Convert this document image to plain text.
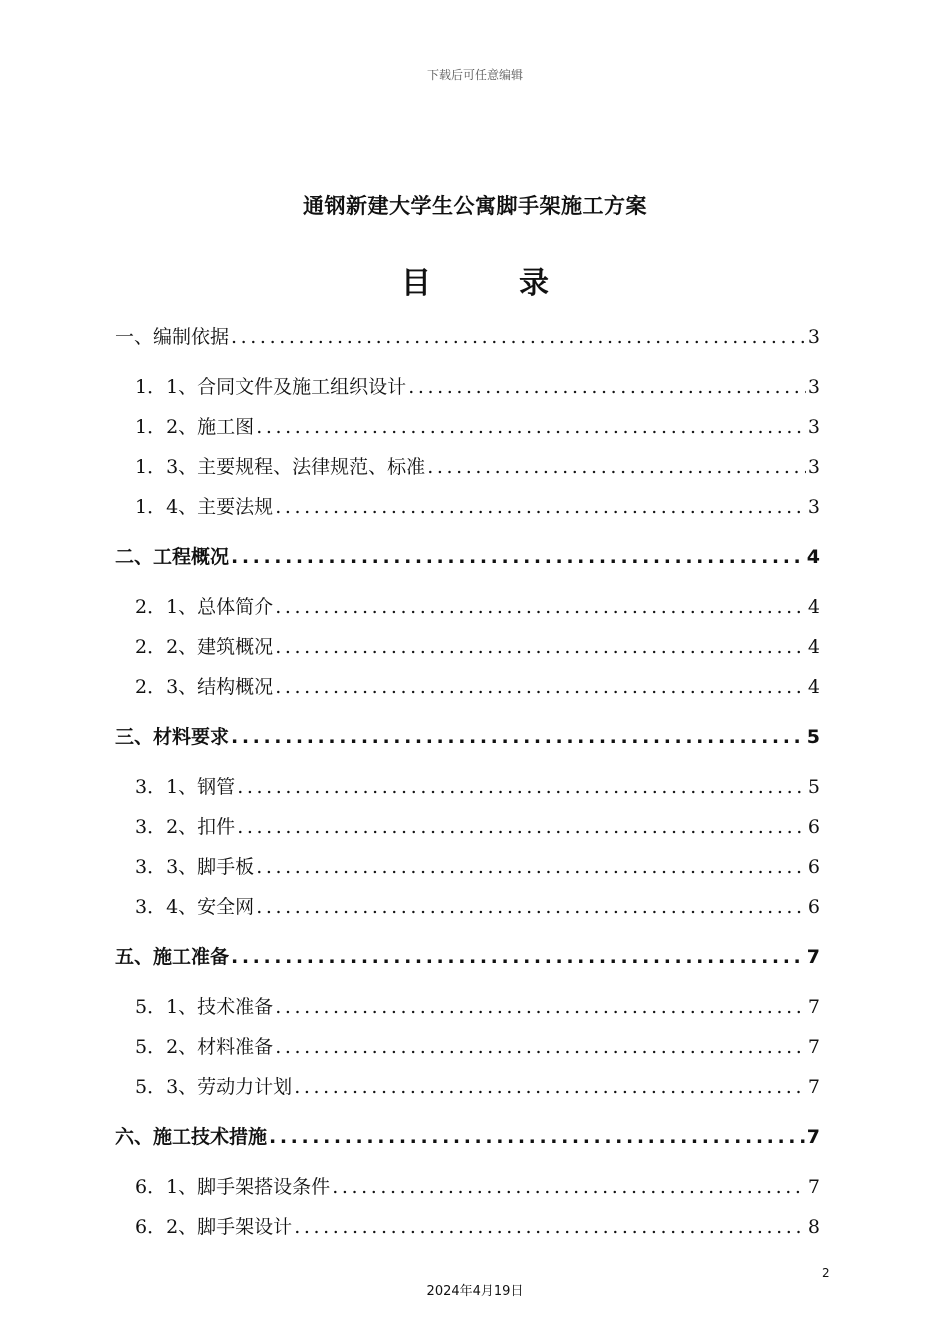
下载后可任意编辑
通钢新建大学生公寓脚手架施工方案
目	录
一、编制依据 .....	3
1．1、合同文件及施工组织设计 .....	3
1．2、施工图 .....	3
1．3、主要规程、法律规范、标准 .....	3
1．4、主要法规 .....	3
二、工程概况 .....	4
2．1、总体简介 .....	4
2．2、建筑概况 .....	4
2．3、结构概况 .....	4
三、材料要求 .....	5
3．1、钢管 .....	5
3．2、扣件 .....	6
3．3、脚手板 .....	6
3．4、安全网 .....	6
五、施工准备 .....	7
5．1、技术准备 .....	7
5．2、材料准备 .....	7
5．3、劳动力计划 .....	7
六、施工技术措施 .....	7
6．1、脚手架搭设条件 .....	7
6．2、脚手架设计 .....	8
2
2024年4月19日
